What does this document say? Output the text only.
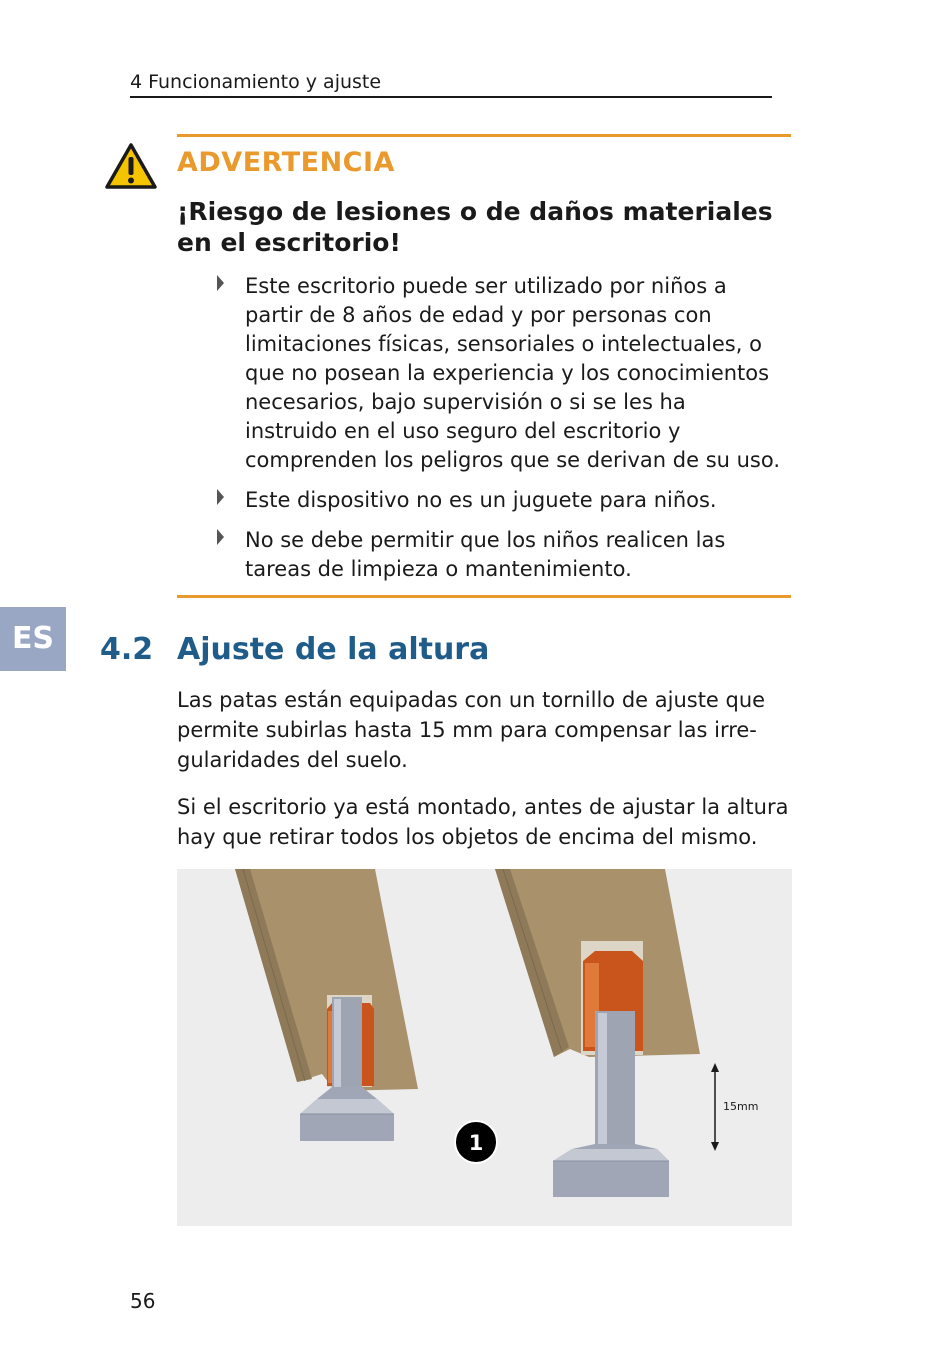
4 Funcionamiento y ajuste
ADVERTENCIA
¡Riesgo de lesiones o de daños materiales en el escritorio!
Este escritorio puede ser utilizado por niños a partir de 8 años de edad y por personas con limitaciones físicas, sensoriales o intelectuales, o que no posean la experiencia y los conocimientos necesarios, bajo supervisión o si se les ha instruido en el uso seguro del escritorio y comprenden los peligros que se derivan de su uso.
Este dispositivo no es un juguete para niños.
No se debe permitir que los niños realicen las tareas de limpieza o mantenimiento.
ES	4.2 Ajuste de la altura

Las patas están equipadas con un tornillo de ajuste que permite subirlas hasta 15 mm para compensar las irre- gularidades del suelo.

Si el escritorio ya está montado, antes de ajustar la altura hay que retirar todos los objetos de encima del mismo.

15mm
1
56
